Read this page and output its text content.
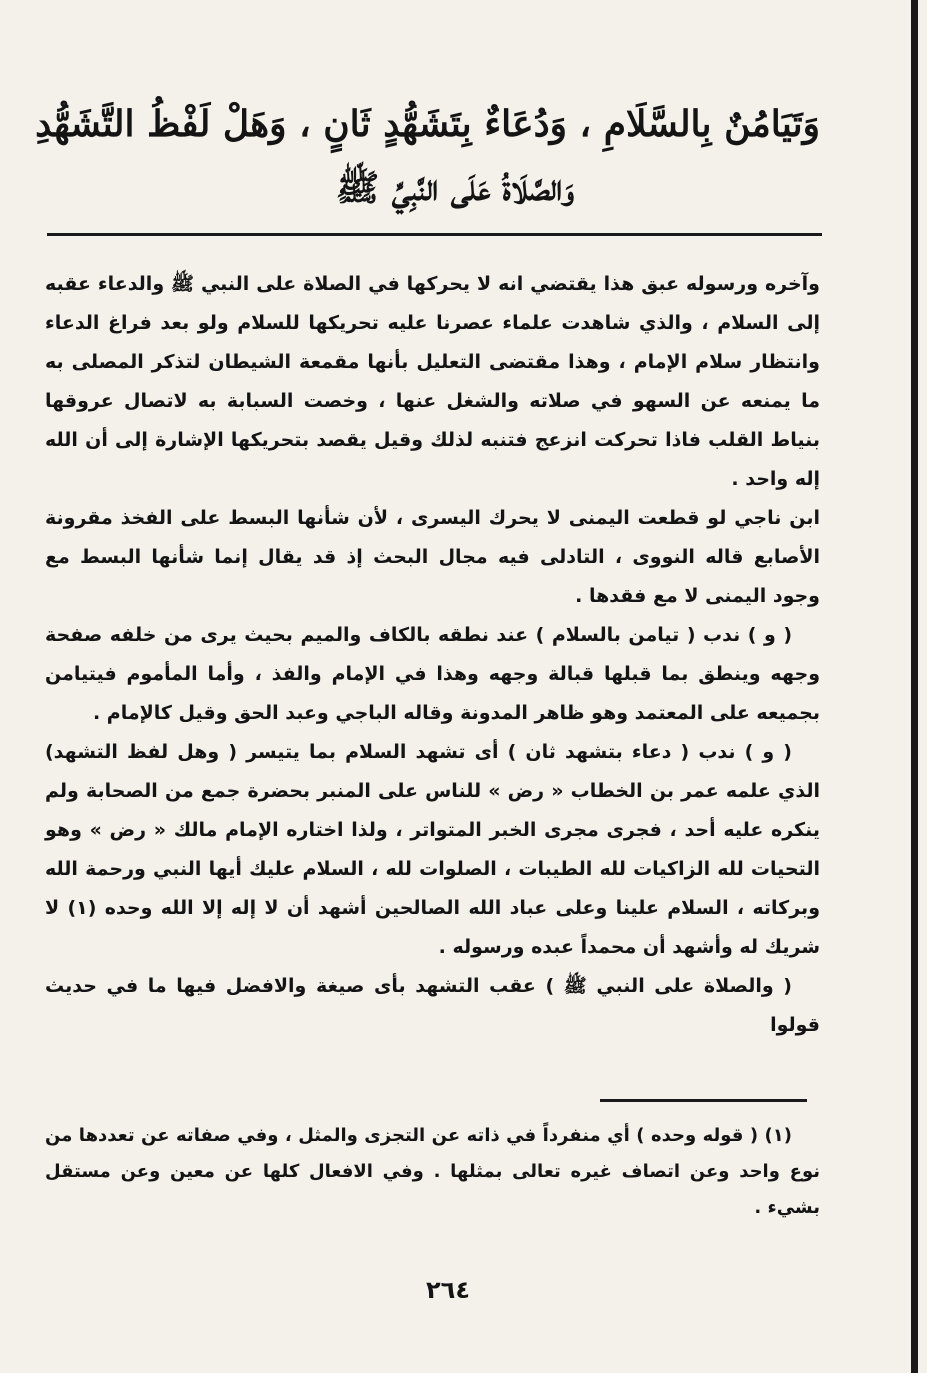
وَتَيَامُنٌ بِالسَّلَامِ ، وَدُعَاءٌ بِتَشَهُّدٍ ثَانٍ ، وَهَلْ لَفْظُ التَّشَهُّدِ
وَالصَّلَاةُ عَلَى النَّبِيِّ ﷺ

وآخره ورسوله عبق هذا يقتضي انه لا يحركها في الصلاة على النبي ﷺ والدعاء عقبه إلى السلام ، والذي شاهدت علماء عصرنا عليه تحريكها للسلام ولو بعد فراغ الدعاء وانتظار سلام الإمام ، وهذا مقتضى التعليل بأنها مقمعة الشيطان لتذكر المصلى به ما يمنعه عن السهو في صلاته والشغل عنها ، وخصت السبابة به لاتصال عروقها بنياط القلب فاذا تحركت انزعج فتنبه لذلك وقيل يقصد بتحريكها الإشارة إلى أن الله إله واحد .

ابن ناجي لو قطعت اليمنى لا يحرك اليسرى ، لأن شأنها البسط على الفخذ مقرونة الأصابع قاله النووى ، التادلى فيه مجال البحث إذ قد يقال إنما شأنها البسط مع وجود اليمنى لا مع فقدها .

( و ) ندب ( تيامن بالسلام ) عند نطقه بالكاف والميم بحيث يرى من خلفه صفحة وجهه وينطق بما قبلها قبالة وجهه وهذا في الإمام والفذ ، وأما المأموم فيتيامن بجميعه على المعتمد وهو ظاهر المدونة وقاله الباجي وعبد الحق وقيل كالإمام .

( و ) ندب ( دعاء بتشهد ثان ) أى تشهد السلام بما يتيسر ( وهل لفظ التشهد) الذي علمه عمر بن الخطاب « رض » للناس على المنبر بحضرة جمع من الصحابة ولم ينكره عليه أحد ، فجرى مجرى الخبر المتواتر ، ولذا اختاره الإمام مالك « رض » وهو التحيات لله الزاكيات لله الطيبات ، الصلوات لله ، السلام عليك أيها النبي ورحمة الله وبركاته ، السلام علينا وعلى عباد الله الصالحين أشهد أن لا إله إلا الله وحده (١) لا شريك له وأشهد أن محمداً عبده ورسوله .

( والصلاة على النبي ﷺ ) عقب التشهد بأى صيغة والافضل فيها ما في حديث قولوا

(١) ( قوله وحده ) أي منفرداً في ذاته عن التجزى والمثل ، وفي صفاته عن تعددها من نوع واحد وعن اتصاف غيره تعالى بمثلها . وفي الافعال كلها عن معين وعن مستقل بشيء .

٢٦٤
